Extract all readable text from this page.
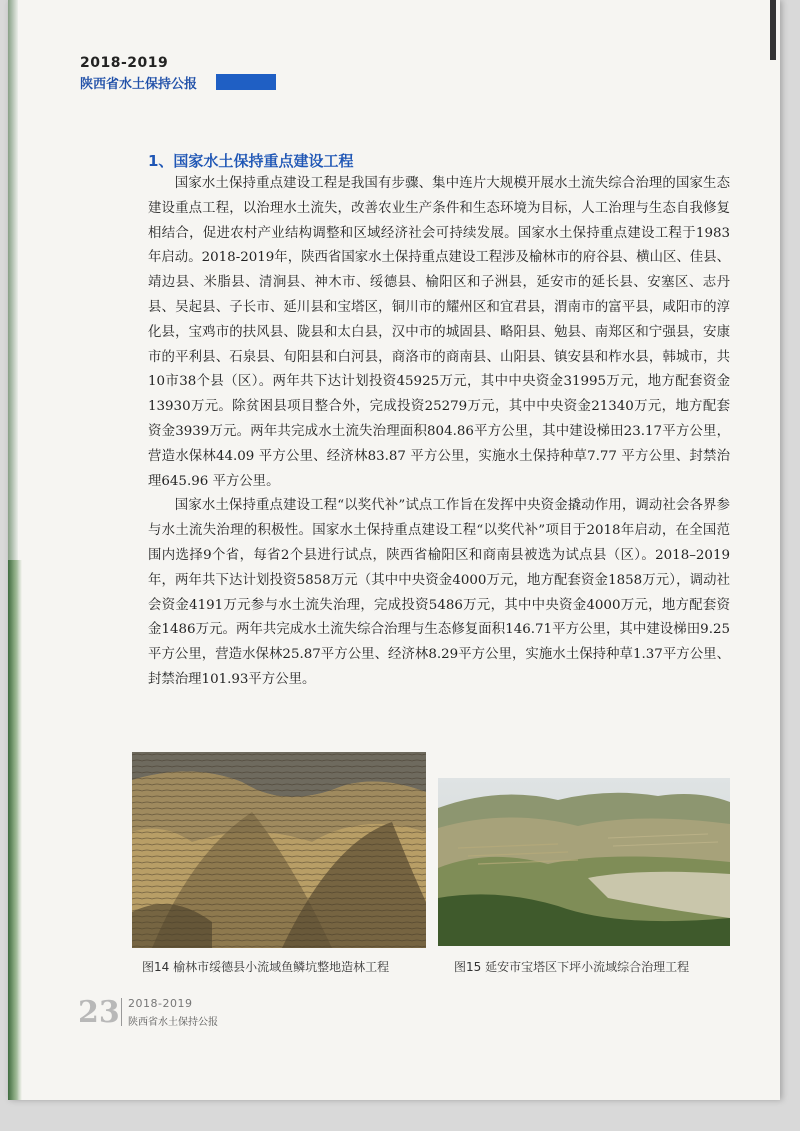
2018-2019
陕西省水土保持公报
1、国家水土保持重点建设工程

国家水土保持重点建设工程是我国有步骤、集中连片大规模开展水土流失综合治理的国家生态建设重点工程，以治理水土流失，改善农业生产条件和生态环境为目标，人工治理与生态自我修复相结合，促进农村产业结构调整和区域经济社会可持续发展。国家水土保持重点建设工程于1983年启动。2018-2019年，陕西省国家水土保持重点建设工程涉及榆林市的府谷县、横山区、佳县、靖边县、米脂县、清涧县、神木市、绥德县、榆阳区和子洲县，延安市的延长县、安塞区、志丹县、吴起县、子长市、延川县和宝塔区，铜川市的耀州区和宜君县，渭南市的富平县，咸阳市的淳化县，宝鸡市的扶风县、陇县和太白县，汉中市的城固县、略阳县、勉县、南郑区和宁强县，安康市的平利县、石泉县、旬阳县和白河县，商洛市的商南县、山阳县、镇安县和柞水县，韩城市，共10市38个县（区）。两年共下达计划投资45925万元，其中中央资金31995万元，地方配套资金13930万元。除贫困县项目整合外，完成投资25279万元，其中中央资金21340万元，地方配套资金3939万元。两年共完成水土流失治理面积804.86平方公里，其中建设梯田23.17平方公里，营造水保林44.09 平方公里、经济林83.87 平方公里，实施水土保持种草7.77 平方公里、封禁治理645.96 平方公里。

国家水土保持重点建设工程“以奖代补”试点工作旨在发挥中央资金撬动作用，调动社会各界参与水土流失治理的积极性。国家水土保持重点建设工程“以奖代补”项目于2018年启动，在全国范围内选择9个省，每省2个县进行试点，陕西省榆阳区和商南县被选为试点县（区）。2018–2019年，两年共下达计划投资5858万元（其中中央资金4000万元，地方配套资金1858万元），调动社会资金4191万元参与水土流失治理，完成投资5486万元，其中中央资金4000万元，地方配套资金1486万元。两年共完成水土流失综合治理与生态修复面积146.71平方公里，其中建设梯田9.25平方公里，营造水保林25.87平方公里、经济林8.29平方公里，实施水土保持种草1.37平方公里、封禁治理101.93平方公里。

图14 榆林市绥德县小流域鱼鳞坑整地造林工程	图15 延安市宝塔区下坪小流域综合治理工程
23 2018-2019
陕西省水土保持公报
